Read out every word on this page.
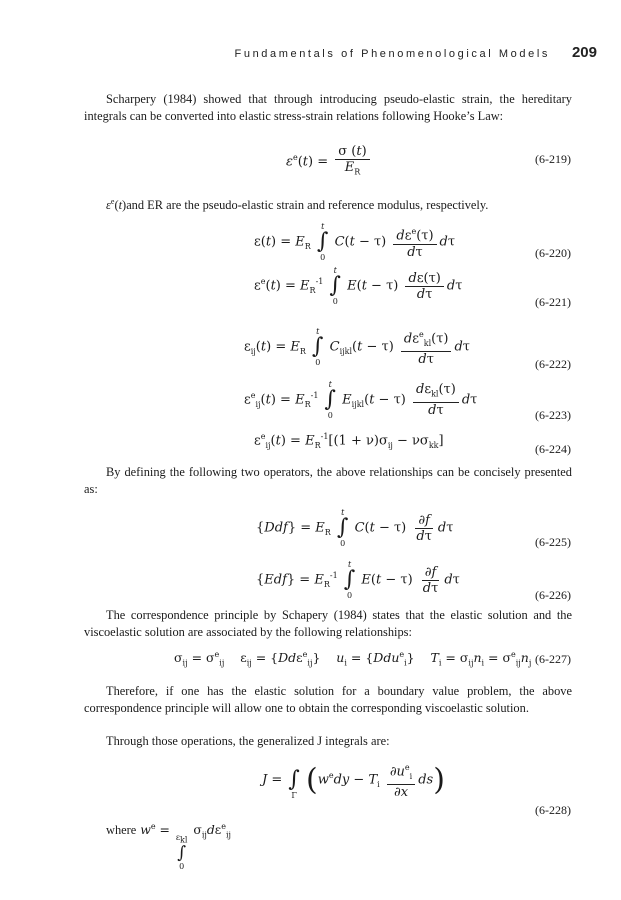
Fundamentals of Phenomenological Models 209

Scharpery (1984) showed that through introducing pseudo-elastic strain, the hereditary integrals can be converted into elastic stress-strain relations following Hooke’s Law:

$\varepsilon^e(t) = \frac{\sigma (t)}{E_R}$	(6-219)

$\varepsilon^e(t)and$ ER are the pseudo-elastic strain and reference modulus, respectively.

$\varepsilon(t) = E_R$
t
∫
0
$C(t - \tau) \frac{d\varepsilon^e(\tau)}{d\tau}$ dτ
(6-220)
$\varepsilon^e(t) = E_R^{-1}$
t
∫
0
$E(t - \tau) \frac{d\varepsilon(\tau)}{d\tau}$ dτ
(6-221)
$\varepsilon_{ij}(t) = E_R$
t
∫
0
$C_{ijkl}(t - \tau) \frac{d\varepsilon^e_{kl}(\tau)}{d\tau}$ dτ
(6-222)
$\varepsilon^e_{ij}(t) = E_R^{-1}$
t
∫
0
$E_{ijkl}(t - \tau) \frac{d\varepsilon_{kl}(\tau)}{d\tau}$ dτ
(6-223)
$\varepsilon^e_{ij}(t) = E_R^{-1}[(1 + \nu)\sigma_{ij} - \nu\sigma_{kk}]$
(6-224)

By defining the following two operators, the above relationships can be concisely presented as:

$\{Ddf\} = E_R$
t
∫
0
$C(t - \tau) \frac{\partial f}{d\tau}$ dτ
(6-225)
$\{Edf\} = E_R^{-1}$
t
∫
0
$E(t - \tau) \frac{\partial f}{d\tau}$ dτ
(6-226)

The correspondence principle by Schapery (1984) states that the elastic solution and the viscoelastic solution are associated by the following relationships:

$\sigma_{ij} = \sigma^e_{ij}$    $\varepsilon_{ij} = \{Dd\varepsilon^e_{ij}\}$    $u_i = \{Ddu^e_i\}$    $T_i = \sigma_{ij}n_i = \sigma^e_{ij}n_j$ (6-227)

Therefore, if one has the elastic solution for a boundary value problem, the above correspondence principle will allow one to obtain the corresponding viscoelastic solution.

Through those operations, the generalized J integrals are:

J =
∫
Γ $(w^edy - T_i \frac{\partial u^e_i}{\partial x} ds)$
(6-228)
where $w^e$ =
$\varepsilon_{kl}$
∫
0
$\sigma_{ij}d\varepsilon^e_{ij}$
